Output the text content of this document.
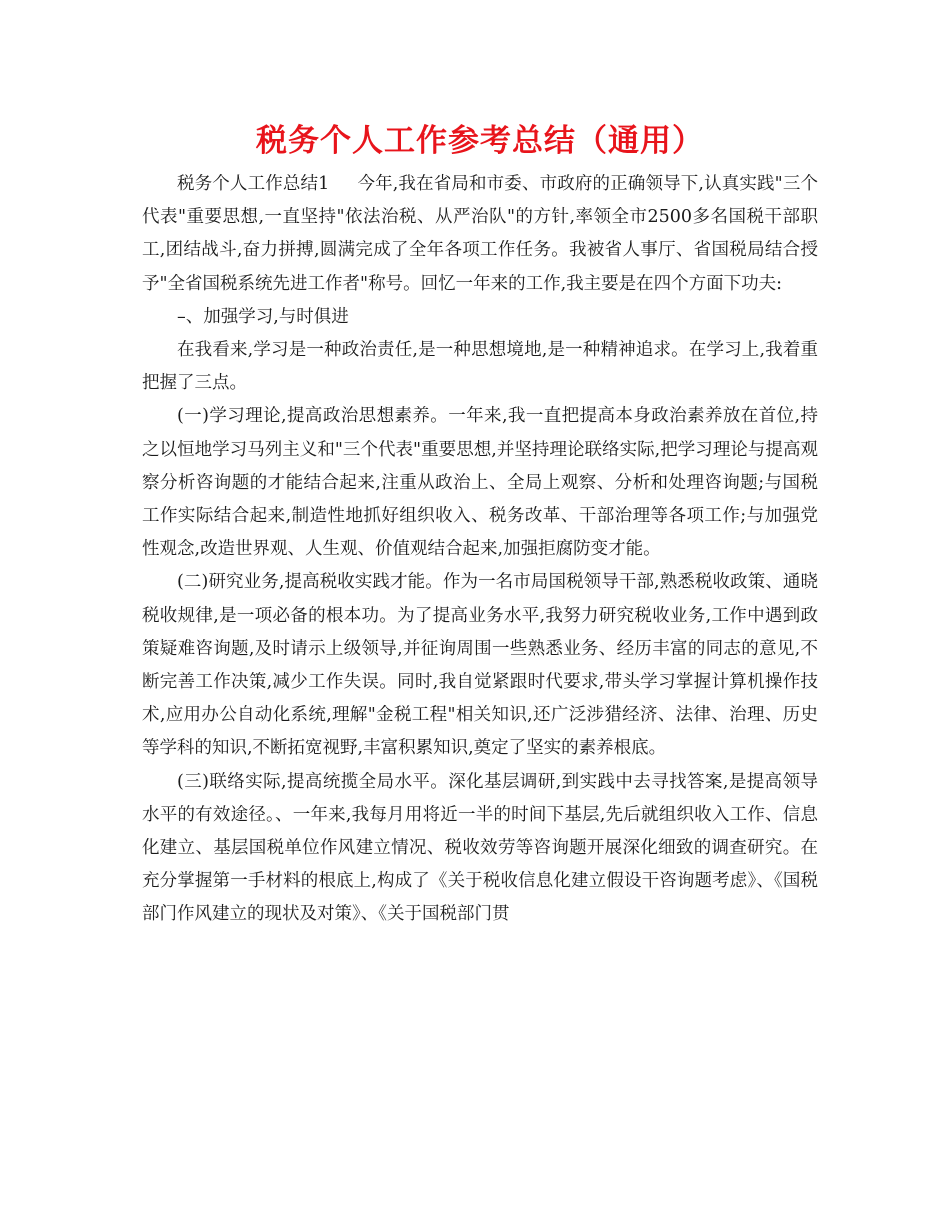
税务个人工作参考总结（通用）

税务个人工作总结1 今年,我在省局和市委、市政府的正确领导下,认真实践"三个代表"重要思想,一直坚持"依法治税、从严治队"的方针,率领全市2500多名国税干部职工,团结战斗,奋力拼搏,圆满完成了全年各项工作任务。我被省人事厅、省国税局结合授予"全省国税系统先进工作者"称号。回忆一年来的工作,我主要是在四个方面下功夫:

–、加强学习,与时俱进

在我看来,学习是一种政治责任,是一种思想境地,是一种精神追求。在学习上,我着重把握了三点。

(一)学习理论,提高政治思想素养。一年来,我一直把提高本身政治素养放在首位,持之以恒地学习马列主义和"三个代表"重要思想,并坚持理论联络实际,把学习理论与提高观察分析咨询题的才能结合起来,注重从政治上、全局上观察、分析和处理咨询题;与国税工作实际结合起来,制造性地抓好组织收入、税务改革、干部治理等各项工作;与加强党性观念,改造世界观、人生观、价值观结合起来,加强拒腐防变才能。

(二)研究业务,提高税收实践才能。作为一名市局国税领导干部,熟悉税收政策、通晓税收规律,是一项必备的根本功。为了提高业务水平,我努力研究税收业务,工作中遇到政策疑难咨询题,及时请示上级领导,并征询周围一些熟悉业务、经历丰富的同志的意见,不断完善工作决策,减少工作失误。同时,我自觉紧跟时代要求,带头学习掌握计算机操作技术,应用办公自动化系统,理解"金税工程"相关知识,还广泛涉猎经济、法律、治理、历史等学科的知识,不断拓宽视野,丰富积累知识,奠定了坚实的素养根底。

(三)联络实际,提高统揽全局水平。深化基层调研,到实践中去寻找答案,是提高领导水平的有效途径。、一年来,我每月用将近一半的时间下基层,先后就组织收入工作、信息化建立、基层国税单位作风建立情况、税收效劳等咨询题开展深化细致的调查研究。在充分掌握第一手材料的根底上,构成了《关于税收信息化建立假设干咨询题考虑》、《国税部门作风建立的现状及对策》、《关于国税部门贯
